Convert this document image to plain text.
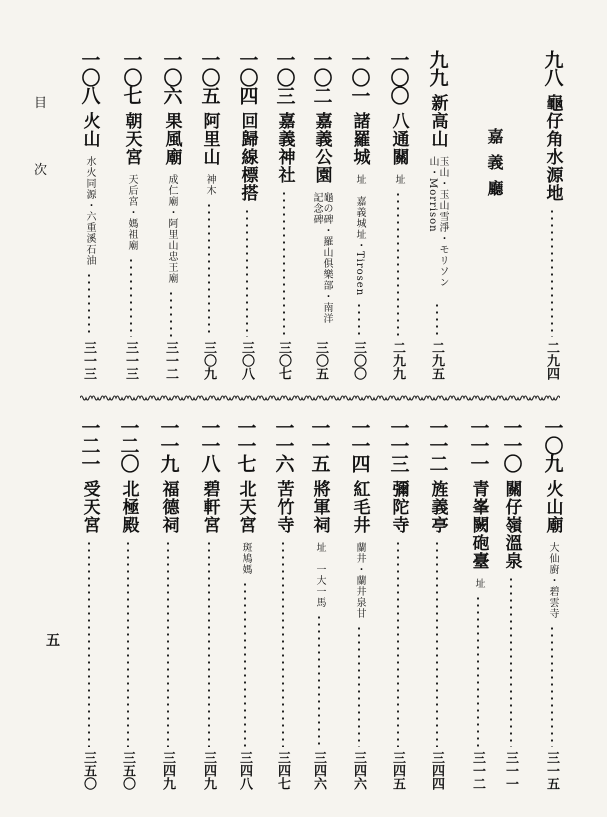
九八
龜仔角水源地
二九四
九九
新高山
玉山・玉山雪淨・モリソン山・Morrison
二九五
一〇〇
八通關
址
二九九
一〇一
諸羅城
址　嘉義城址・Tirosen
三〇〇
一〇二
嘉義公園
龜の碑・羅山俱樂部・南洋記念碑
三〇五
一〇三
嘉義神社
三〇七
一〇四
回歸線標搭
三〇八
一〇五
阿里山
神木
三〇九
一〇六
果風廟
成仁廟・阿里山忠王廟
三一二
一〇七
朝天宮
天后宮・媽祖廟
三一三
一〇八
火山
水火同源・六重溪石油
三一三
嘉義廳
一〇九
火山廟
大仙廚・碧雲寺
三一五
一一〇
關仔嶺溫泉
三一一
一一一
青峯闕砲臺
址
三一二
一一二
旌義亭
三四四
一一三
彌陀寺
三四五
一一四
紅毛井
蘭井・蘭井泉甘
三四六
一一五
將軍祠
址　一大一馬
三四六
一一六
苦竹寺
三四七
一一七
北天宮
斑鳩媽
三四八
一一八
碧軒宮
三四九
一一九
福德祠
三四九
一二〇
北極殿
三五〇
一二一
受天宮
三五〇
目
次
五
